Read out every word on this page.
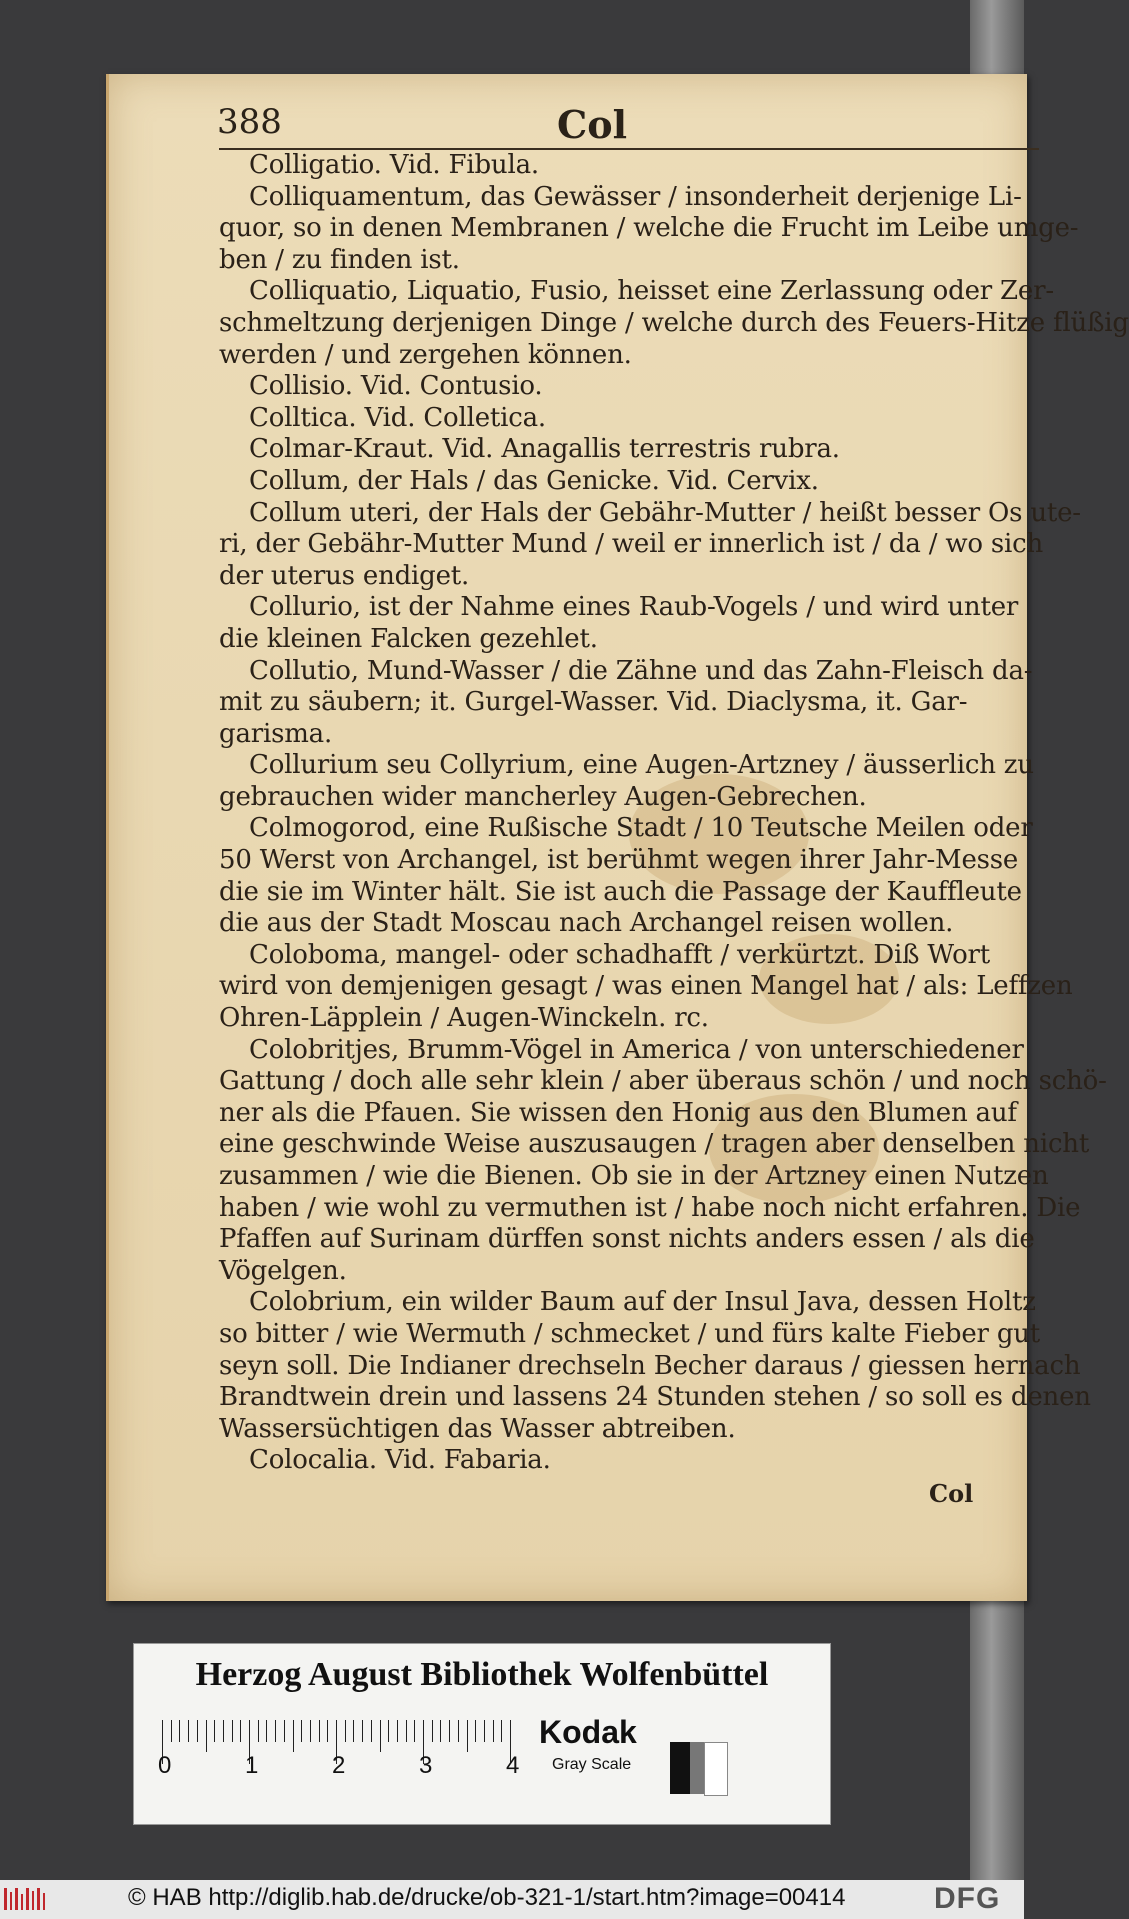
388	Col
Colligatio. Vid. Fibula.
Colliquamentum, das Gewässer / insonderheit derjenige Li-
quor, so in denen Membranen / welche die Frucht im Leibe umge-
ben / zu finden ist.
Colliquatio, Liquatio, Fusio, heisset eine Zerlassung oder Zer-
schmeltzung derjenigen Dinge / welche durch des Feuers-Hitze flüßig
werden / und zergehen können.
Collisio. Vid. Contusio.
Colltica. Vid. Colletica.
Colmar-Kraut. Vid. Anagallis terrestris rubra.
Collum, der Hals / das Genicke. Vid. Cervix.
Collum uteri, der Hals der Gebähr-Mutter / heißt besser Os ute-
ri, der Gebähr-Mutter Mund / weil er innerlich ist / da / wo sich
der uterus endiget.
Collurio, ist der Nahme eines Raub-Vogels / und wird unter
die kleinen Falcken gezehlet.
Collutio, Mund-Wasser / die Zähne und das Zahn-Fleisch da-
mit zu säubern; it. Gurgel-Wasser. Vid. Diaclysma, it. Gar-
garisma.
Collurium seu Collyrium, eine Augen-Artzney / äusserlich zu
gebrauchen wider mancherley Augen-Gebrechen.
Colmogorod, eine Rußische Stadt / 10 Teutsche Meilen oder
50 Werst von Archangel, ist berühmt wegen ihrer Jahr-Messe
die sie im Winter hält. Sie ist auch die Passage der Kauffleute
die aus der Stadt Moscau nach Archangel reisen wollen.
Coloboma, mangel- oder schadhafft / verkürtzt. Diß Wort
wird von demjenigen gesagt / was einen Mangel hat / als: Leffzen
Ohren-Läpplein / Augen-Winckeln. rc.
Colobritjes, Brumm-Vögel in America / von unterschiedener
Gattung / doch alle sehr klein / aber überaus schön / und noch schö-
ner als die Pfauen. Sie wissen den Honig aus den Blumen auf
eine geschwinde Weise auszusaugen / tragen aber denselben nicht
zusammen / wie die Bienen. Ob sie in der Artzney einen Nutzen
haben / wie wohl zu vermuthen ist / habe noch nicht erfahren. Die
Pfaffen auf Surinam dürffen sonst nichts anders essen / als die
Vögelgen.
Colobrium, ein wilder Baum auf der Insul Java, dessen Holtz
so bitter / wie Wermuth / schmecket / und fürs kalte Fieber gut
seyn soll. Die Indianer drechseln Becher daraus / giessen hernach
Brandtwein drein und lassens 24 Stunden stehen / so soll es denen
Wassersüchtigen das Wasser abtreiben.
Colocalia. Vid. Fabaria.
Col
Herzog August Bibliothek Wolfenbüttel
0	1	2	3	4
Kodak
Gray Scale
© HAB http://diglib.hab.de/drucke/ob-321-1/start.htm?image=00414	DFG
